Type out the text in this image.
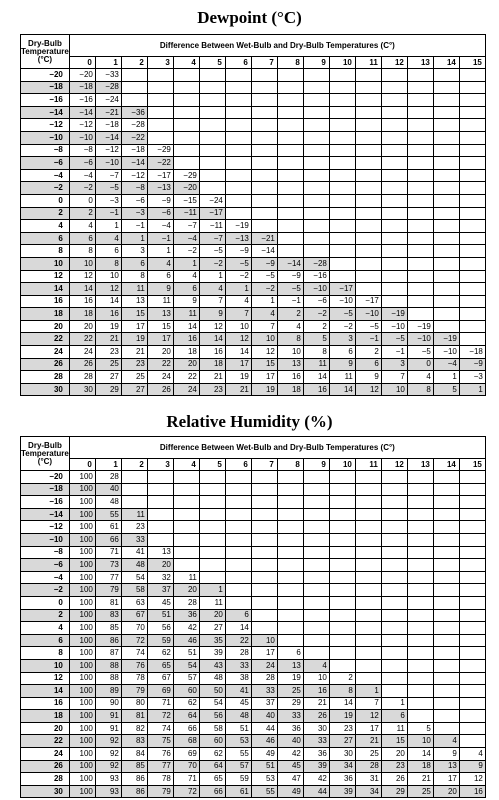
Dewpoint (°C)
Dry-Bulb Temperature (°C)	Difference Between Wet-Bulb and Dry-Bulb Temperatures (C°)															
	0	1	2	3	4	5	6	7	8	9	10	11	12	13	14	15
−20	−20	−33														
−18	−18	−28														
−16	−16	−24														
−14	−14	−21	−36													
−12	−12	−18	−28													
−10	−10	−14	−22													
−8	−8	−12	−18	−29												
−6	−6	−10	−14	−22												
−4	−4	−7	−12	−17	−29											
−2	−2	−5	−8	−13	−20											
0	0	−3	−6	−9	−15	−24										
2	2	−1	−3	−6	−11	−17										
4	4	1	−1	−4	−7	−11	−19									
6	6	4	1	−1	−4	−7	−13	−21								
8	8	6	3	1	−2	−5	−9	−14								
10	10	8	6	4	1	−2	−5	−9	−14	−28						
12	12	10	8	6	4	1	−2	−5	−9	−16						
14	14	12	11	9	6	4	1	−2	−5	−10	−17					
16	16	14	13	11	9	7	4	1	−1	−6	−10	−17				
18	18	16	15	13	11	9	7	4	2	−2	−5	−10	−19			
20	20	19	17	15	14	12	10	7	4	2	−2	−5	−10	−19		
22	22	21	19	17	16	14	12	10	8	5	3	−1	−5	−10	−19	
24	24	23	21	20	18	16	14	12	10	8	6	2	−1	−5	−10	−18
26	26	25	23	22	20	18	17	15	13	11	9	6	3	0	−4	−9
28	28	27	25	24	22	21	19	17	16	14	11	9	7	4	1	−3
30	30	29	27	26	24	23	21	19	18	16	14	12	10	8	5	1
Relative Humidity (%)
Dry-Bulb Temperature (°C)	Difference Between Wet-Bulb and Dry-Bulb Temperatures (C°)															
	0	1	2	3	4	5	6	7	8	9	10	11	12	13	14	15
−20	100	28														
−18	100	40														
−16	100	48														
−14	100	55	11													
−12	100	61	23													
−10	100	66	33													
−8	100	71	41	13												
−6	100	73	48	20												
−4	100	77	54	32	11											
−2	100	79	58	37	20	1										
0	100	81	63	45	28	11										
2	100	83	67	51	36	20	6									
4	100	85	70	56	42	27	14									
6	100	86	72	59	46	35	22	10								
8	100	87	74	62	51	39	28	17	6							
10	100	88	76	65	54	43	33	24	13	4						
12	100	88	78	67	57	48	38	28	19	10	2					
14	100	89	79	69	60	50	41	33	25	16	8	1				
16	100	90	80	71	62	54	45	37	29	21	14	7	1			
18	100	91	81	72	64	56	48	40	33	26	19	12	6			
20	100	91	82	74	66	58	51	44	36	30	23	17	11	5		
22	100	92	83	75	68	60	53	46	40	33	27	21	15	10	4	
24	100	92	84	76	69	62	55	49	42	36	30	25	20	14	9	4
26	100	92	85	77	70	64	57	51	45	39	34	28	23	18	13	9
28	100	93	86	78	71	65	59	53	47	42	36	31	26	21	17	12
30	100	93	86	79	72	66	61	55	49	44	39	34	29	25	20	16
